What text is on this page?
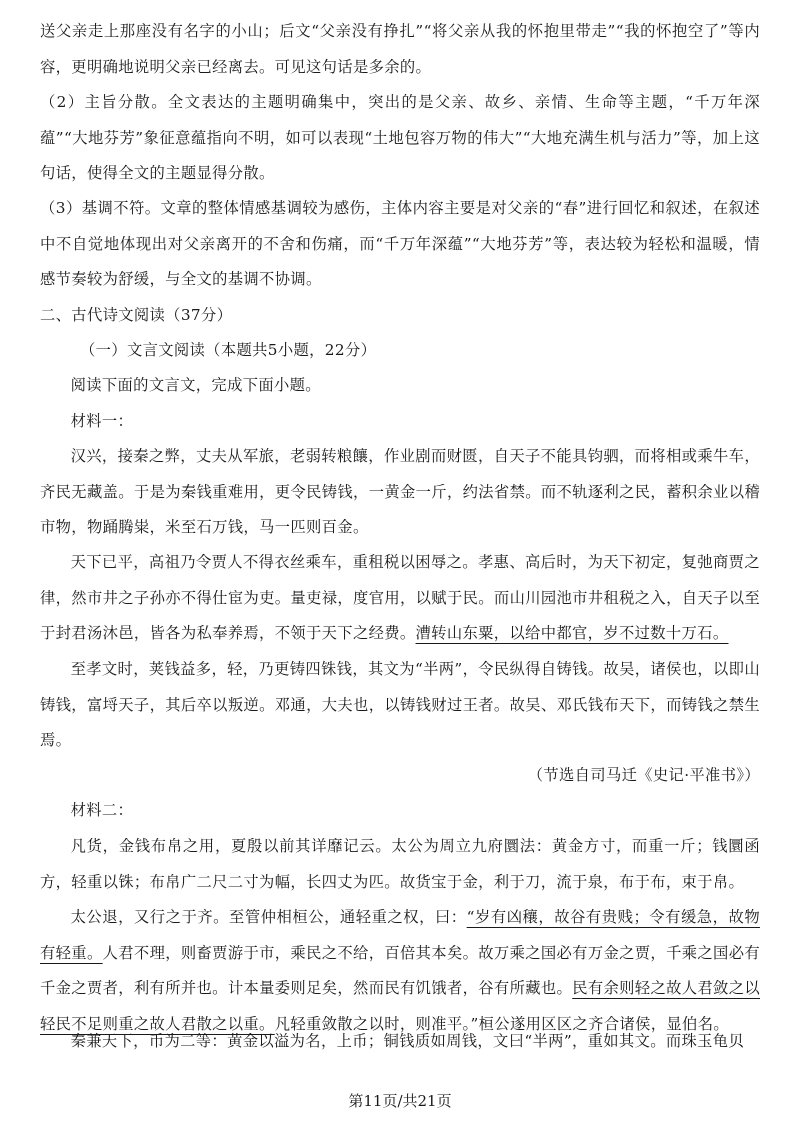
送父亲走上那座没有名字的小山；后文“父亲没有挣扎”“将父亲从我的怀抱里带走”“我的怀抱空了”等内容，更明确地说明父亲已经离去。可见这句话是多余的。

（2）主旨分散。全文表达的主题明确集中，突出的是父亲、故乡、亲情、生命等主题，“千万年深蕴”“大地芬芳”象征意蕴指向不明，如可以表现“土地包容万物的伟大”“大地充满生机与活力”等，加上这句话，使得全文的主题显得分散。

（3）基调不符。文章的整体情感基调较为感伤，主体内容主要是对父亲的“春”进行回忆和叙述，在叙述中不自觉地体现出对父亲离开的不舍和伤痛，而“千万年深蕴”“大地芬芳”等，表达较为轻松和温暖，情感节奏较为舒缓，与全文的基调不协调。

二、古代诗文阅读（37分）

（一）文言文阅读（本题共5小题，22分）

阅读下面的文言文，完成下面小题。

材料一：

汉兴，接秦之弊，丈夫从军旅，老弱转粮饟，作业剧而财匮，自天子不能具钧驷，而将相或乘牛车，齐民无藏盖。于是为秦钱重难用，更令民铸钱，一黄金一斤，约法省禁。而不轨逐利之民，蓄积余业以稽市物，物踊腾粜，米至石万钱，马一匹则百金。

天下已平，高祖乃令贾人不得衣丝乘车，重租税以困辱之。孝惠、高后时，为天下初定，复弛商贾之律，然市井之子孙亦不得仕宦为吏。量吏禄，度官用，以赋于民。而山川园池市井租税之入，自天子以至于封君汤沐邑，皆各为私奉养焉，不领于天下之经费。漕转山东粟，以给中都官，岁不过数十万石。

至孝文时，荚钱益多，轻，乃更铸四铢钱，其文为“半两”，令民纵得自铸钱。故吴，诸侯也，以即山铸钱，富埒天子，其后卒以叛逆。邓通，大夫也，以铸钱财过王者。故吴、邓氏钱布天下，而铸钱之禁生焉。

（节选自司马迁《史记·平准书》）

材料二：

凡货，金钱布帛之用，夏殷以前其详靡记云。太公为周立九府圜法：黄金方寸，而重一斤；钱圜函方，轻重以铢；布帛广二尺二寸为幅，长四丈为匹。故货宝于金，利于刀，流于泉，布于布，束于帛。

太公退，又行之于齐。至管仲相桓公，通轻重之权，曰：“岁有凶穰，故谷有贵贱；令有缓急，故物有轻重。人君不理，则畜贾游于市，乘民之不给，百倍其本矣。故万乘之国必有万金之贾，千乘之国必有千金之贾者，利有所并也。计本量委则足矣，然而民有饥饿者，谷有所藏也。民有余则轻之故人君敛之以轻民不足则重之故人君散之以重。凡轻重敛散之以时，则准平。”桓公遂用区区之齐合诸侯，显伯名。

秦兼天下，币为二等：黄金以溢为名，上币；铜钱质如周钱，文曰“半两”，重如其文。而珠玉龟贝

第11页/共21页
